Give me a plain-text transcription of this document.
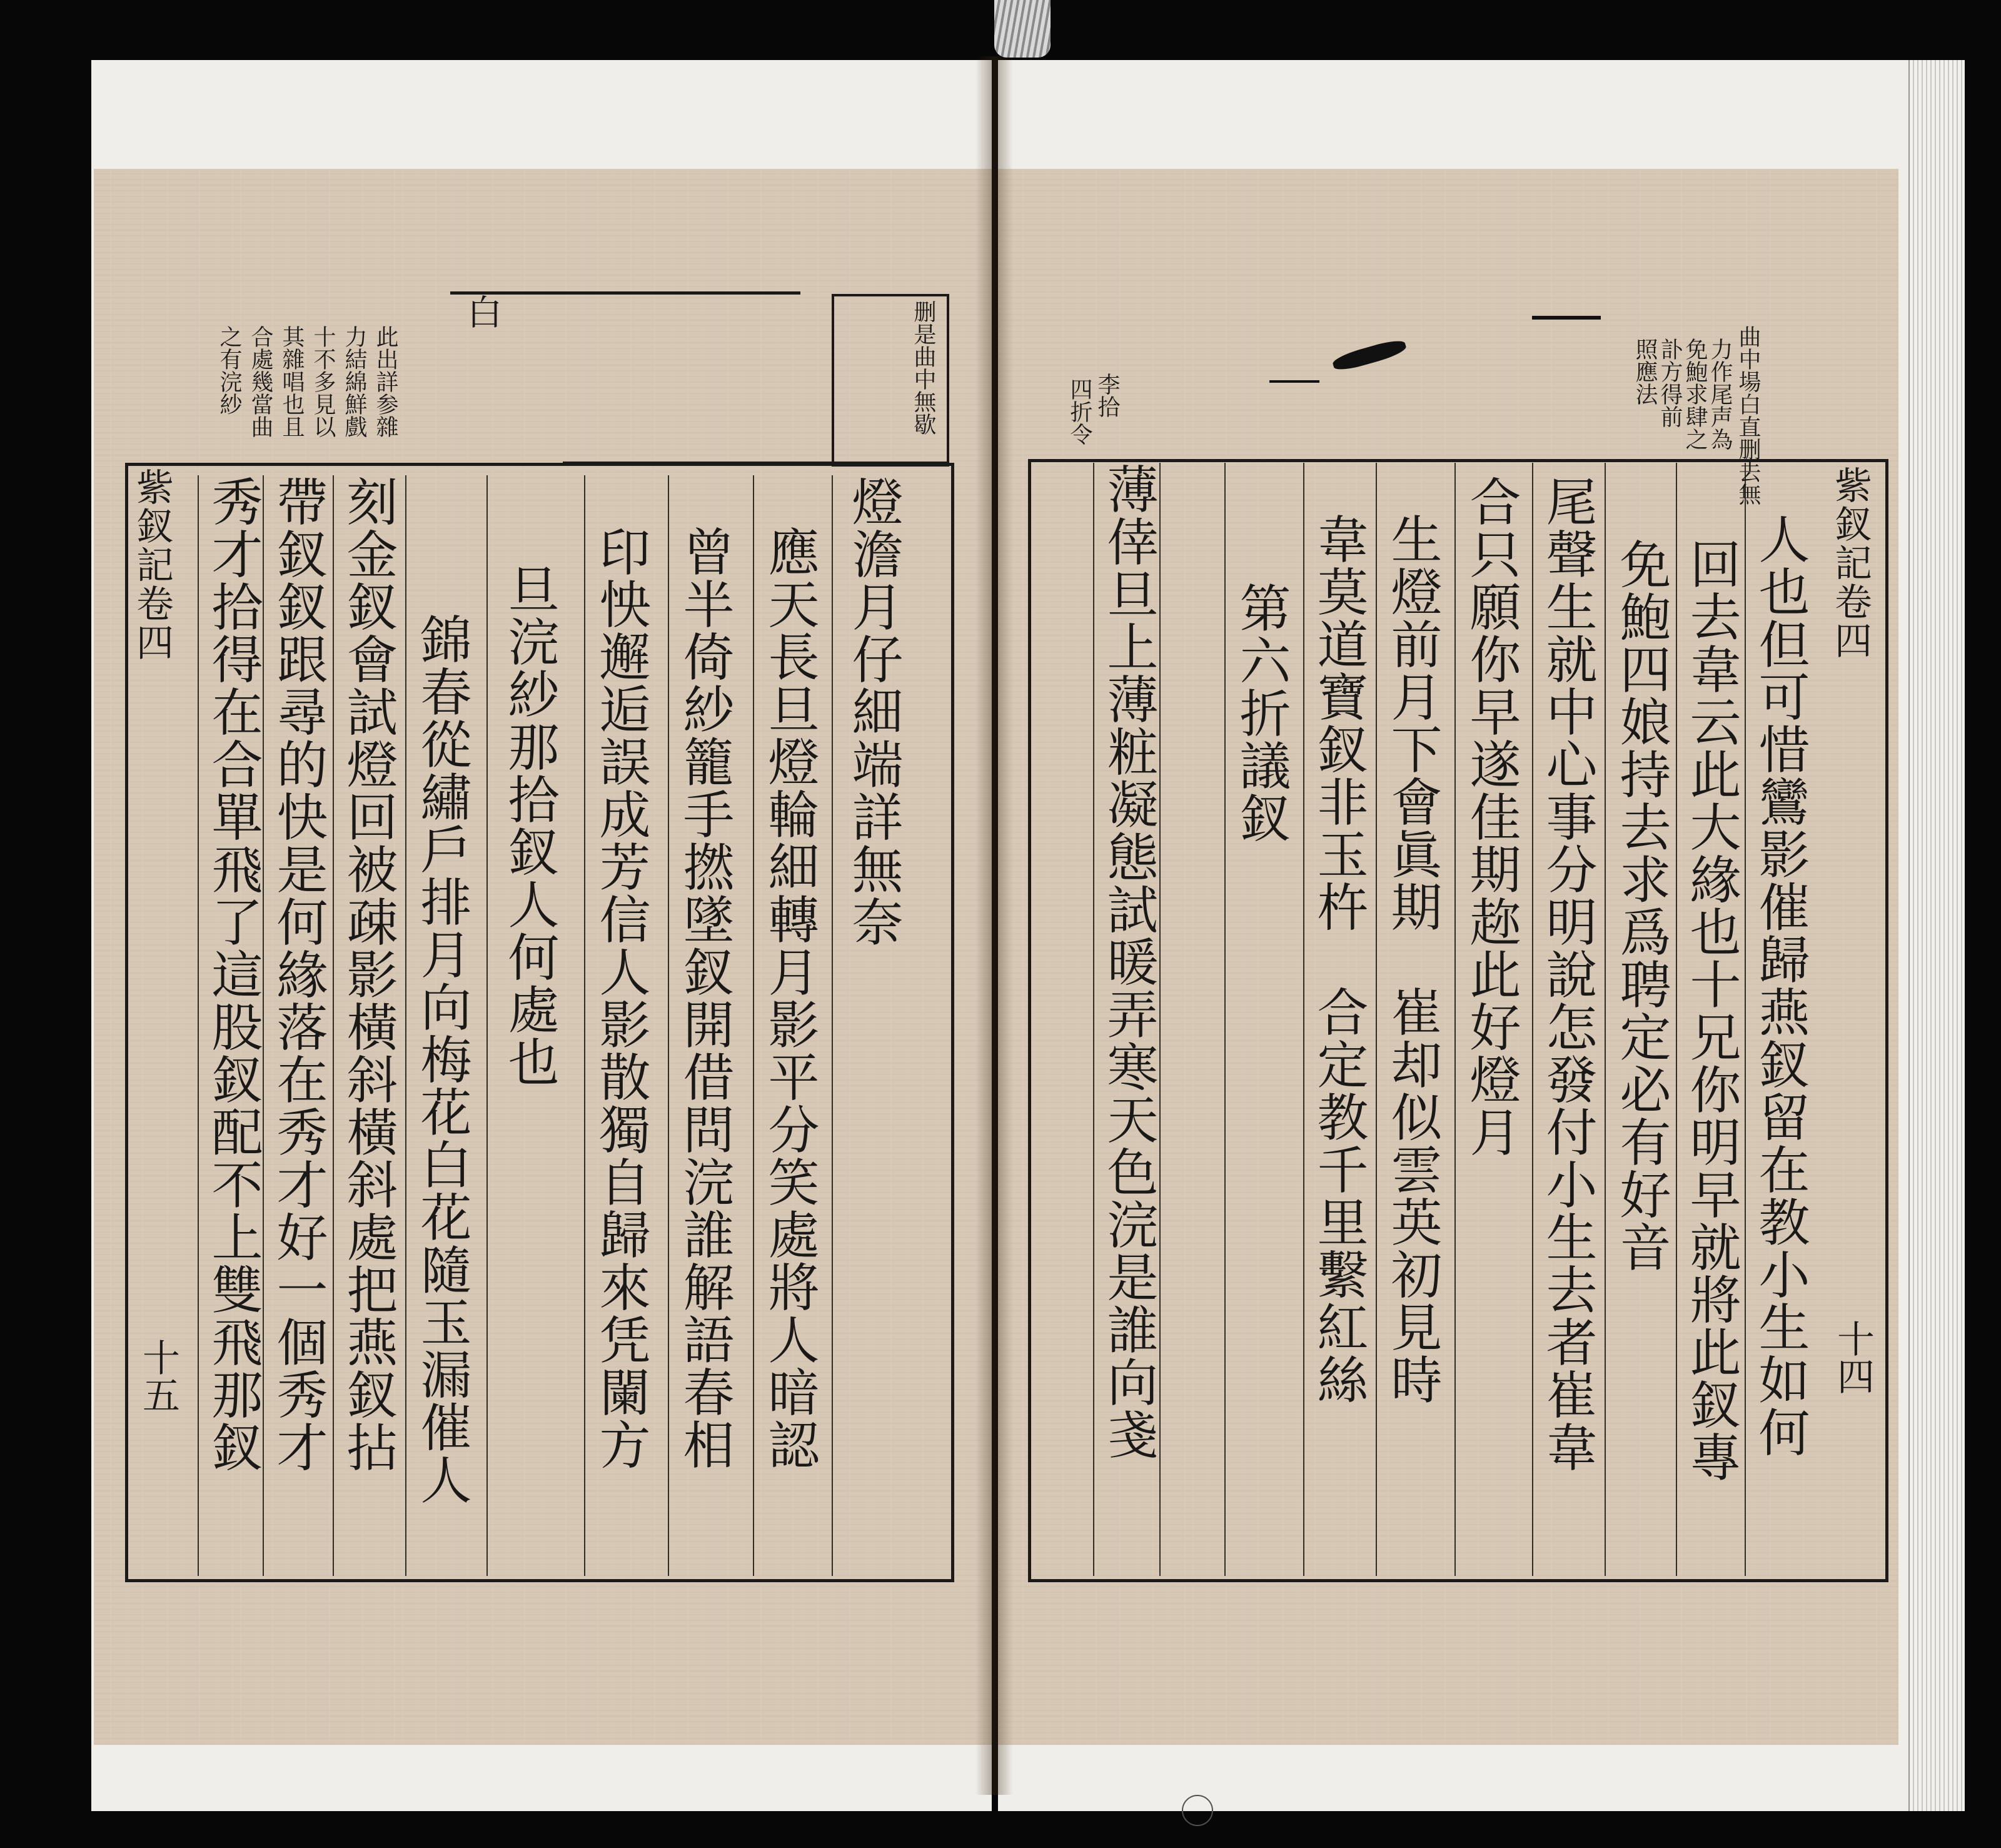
曲中場白直删去無
力作尾声為
免鮑求肆之
訃方得前
照應法
李拾
四折令
紫釵記卷四
十四
人也但可惜鸞影催歸燕釵留在教小生如何
回去韋云此大緣也十兄你明早就將此釵專
免鮑四娘持去求爲聘定必有好音
尾聲生就中心事分明說怎發付小生去者崔韋
合只願你早遂佳期趂此好燈月
生燈前月下會眞期　崔却似雲英初見時
韋莫道寶釵非玉杵　合定教千里繫紅絲
第六折議釵
薄倖旦上薄粧凝態試暖弄寒天色浣是誰向戔
此出詳参雜
力結綿鮮戲
十不多見以
其雜唱也且
合處幾當曲
之有浣紗	删是曲中無歇
白
紫釵記卷四
十五
燈澹月仔細端詳無奈
應天長旦燈輪細轉月影平分笑處將人暗認
曾半倚紗籠手撚墜釵開借問浣誰解語春相
印怏邂逅誤成芳信人影散獨自歸來凭闌方
旦浣紗那拾釵人何處也
錦春從繡戶排月向梅花白花隨玉漏催人
刻金釵會試燈回被疎影橫斜橫斜處把燕釵拈
帶釵釵跟尋的快是何緣落在秀才好一個秀才
秀才拾得在合單飛了這股釵配不上雙飛那釵
